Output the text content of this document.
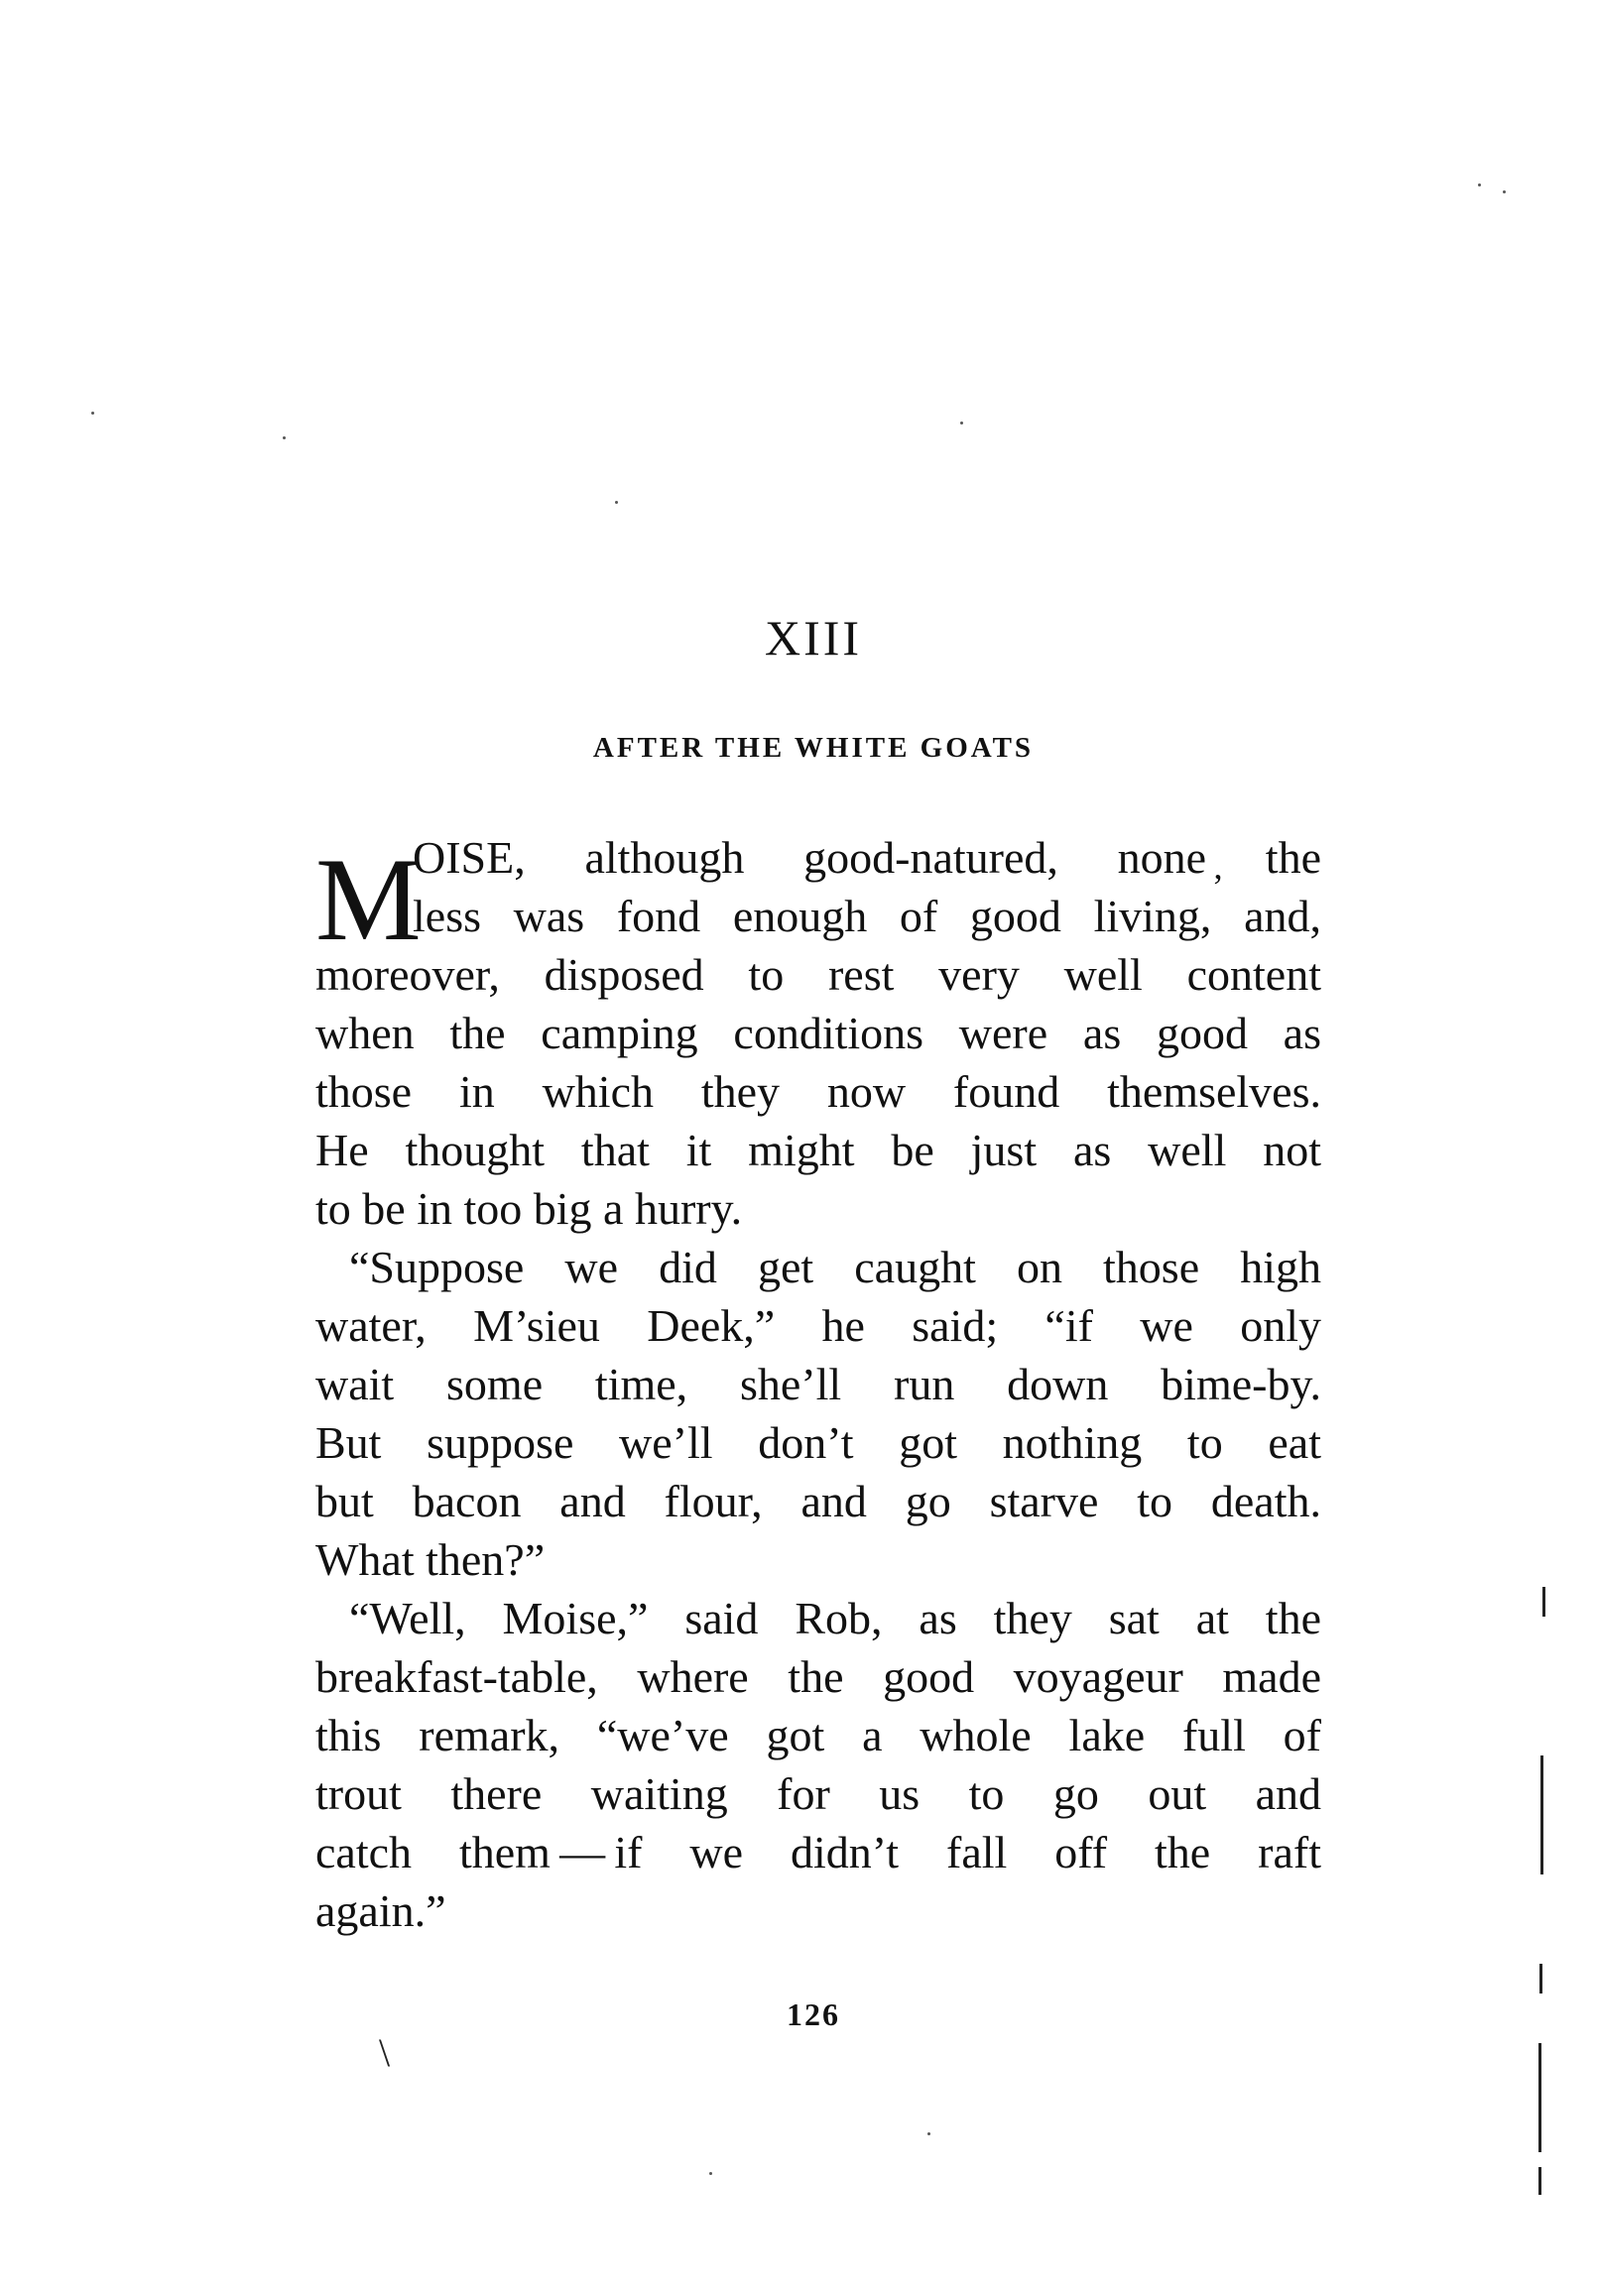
XIII
AFTER THE WHITE GOATS
M
OISE, although good-natured, none ̦the
less was fond enough of good living, and,
moreover, disposed to rest very well content
when the camping conditions were as good as
those in which they now found themselves.
He thought that it might be just as well not
to be in too big a hurry.
“Suppose we did get caught on those high
water, M’sieu Deek,” he said; “if we only
wait some time, she’ll run down bime-by.
But suppose we’ll don’t got nothing to eat
but bacon and flour, and go starve to death.
What then?”
“Well, Moise,” said Rob, as they sat at the
breakfast-table, where the good voyageur made
this remark, “we’ve got a whole lake full of
trout there waiting for us to go out and
catch them — if we didn’t fall off the raft
again.”
126
\
